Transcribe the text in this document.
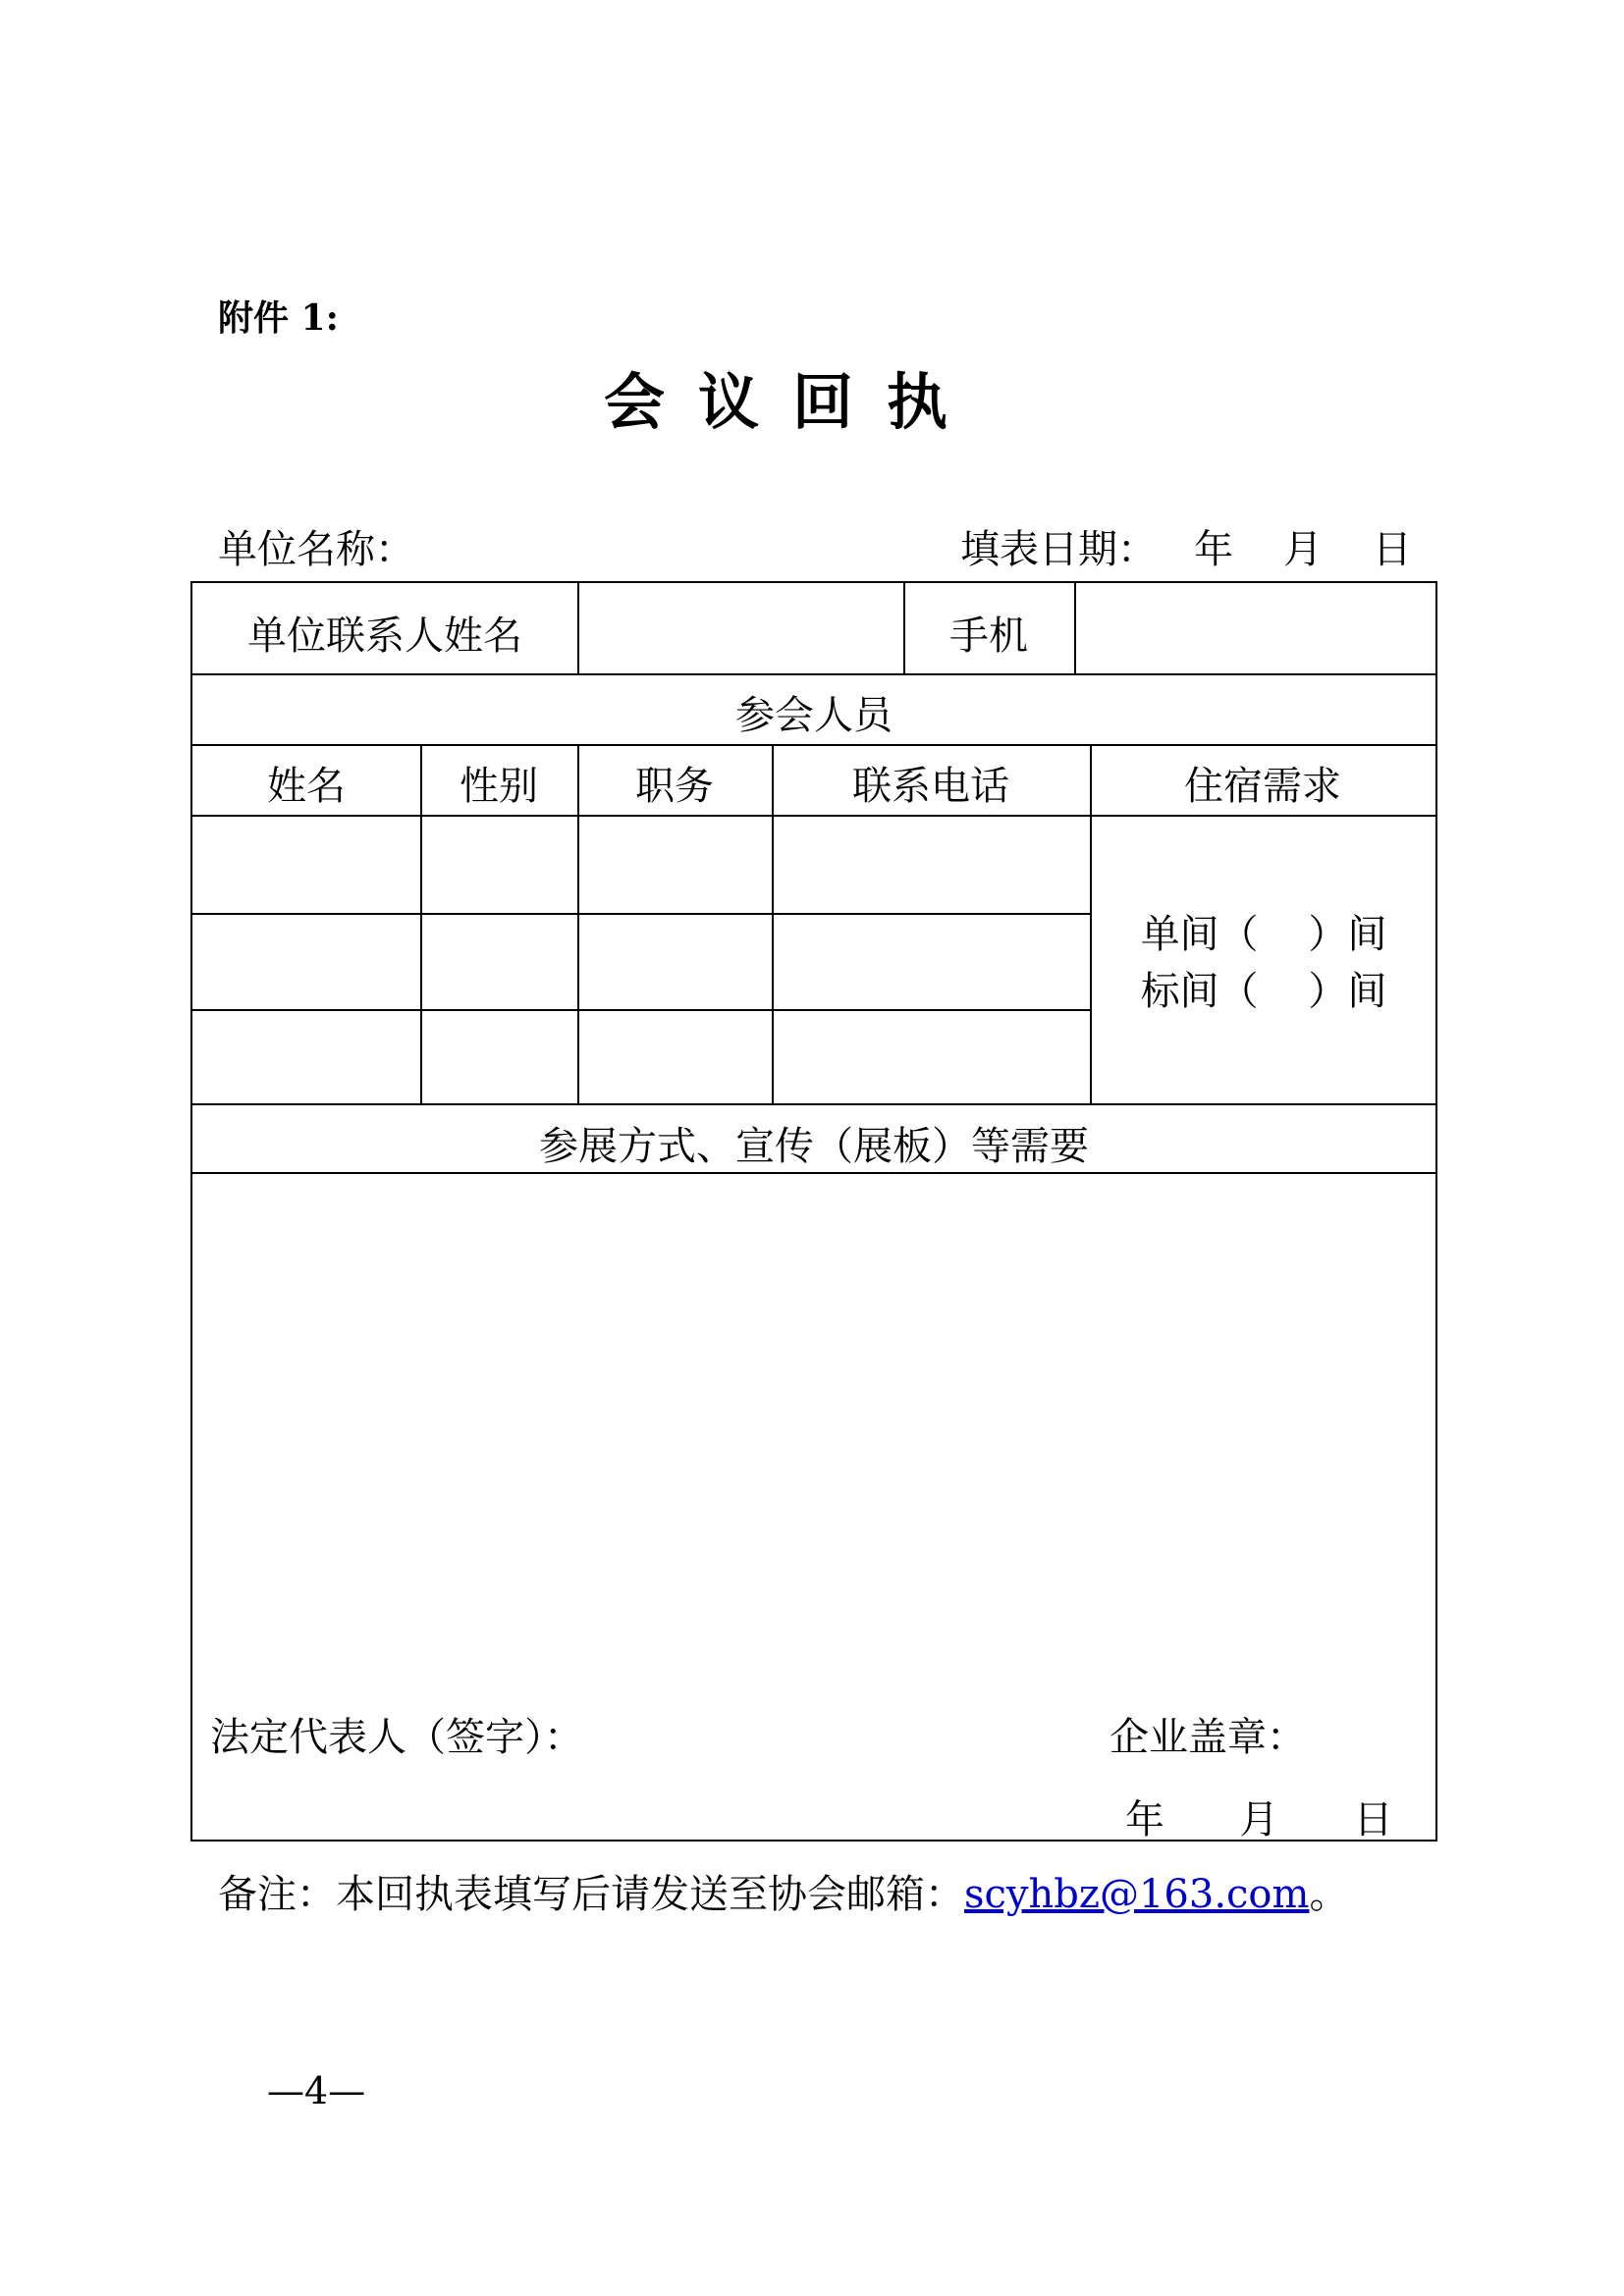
附件 1:
会议回执
单位名称：	填表日期：   年    月    日
单位联系人姓名	手机
参会人员
姓名	性别	职务	联系电话	住宿需求
单间（    ）间
标间（    ）间
参展方式、宣传（展板）等需要
法定代表人（签字）：	企业盖章：
年      月      日
备注：本回执表填写后请发送至协会邮箱：scyhbz@163.com。
—4—
